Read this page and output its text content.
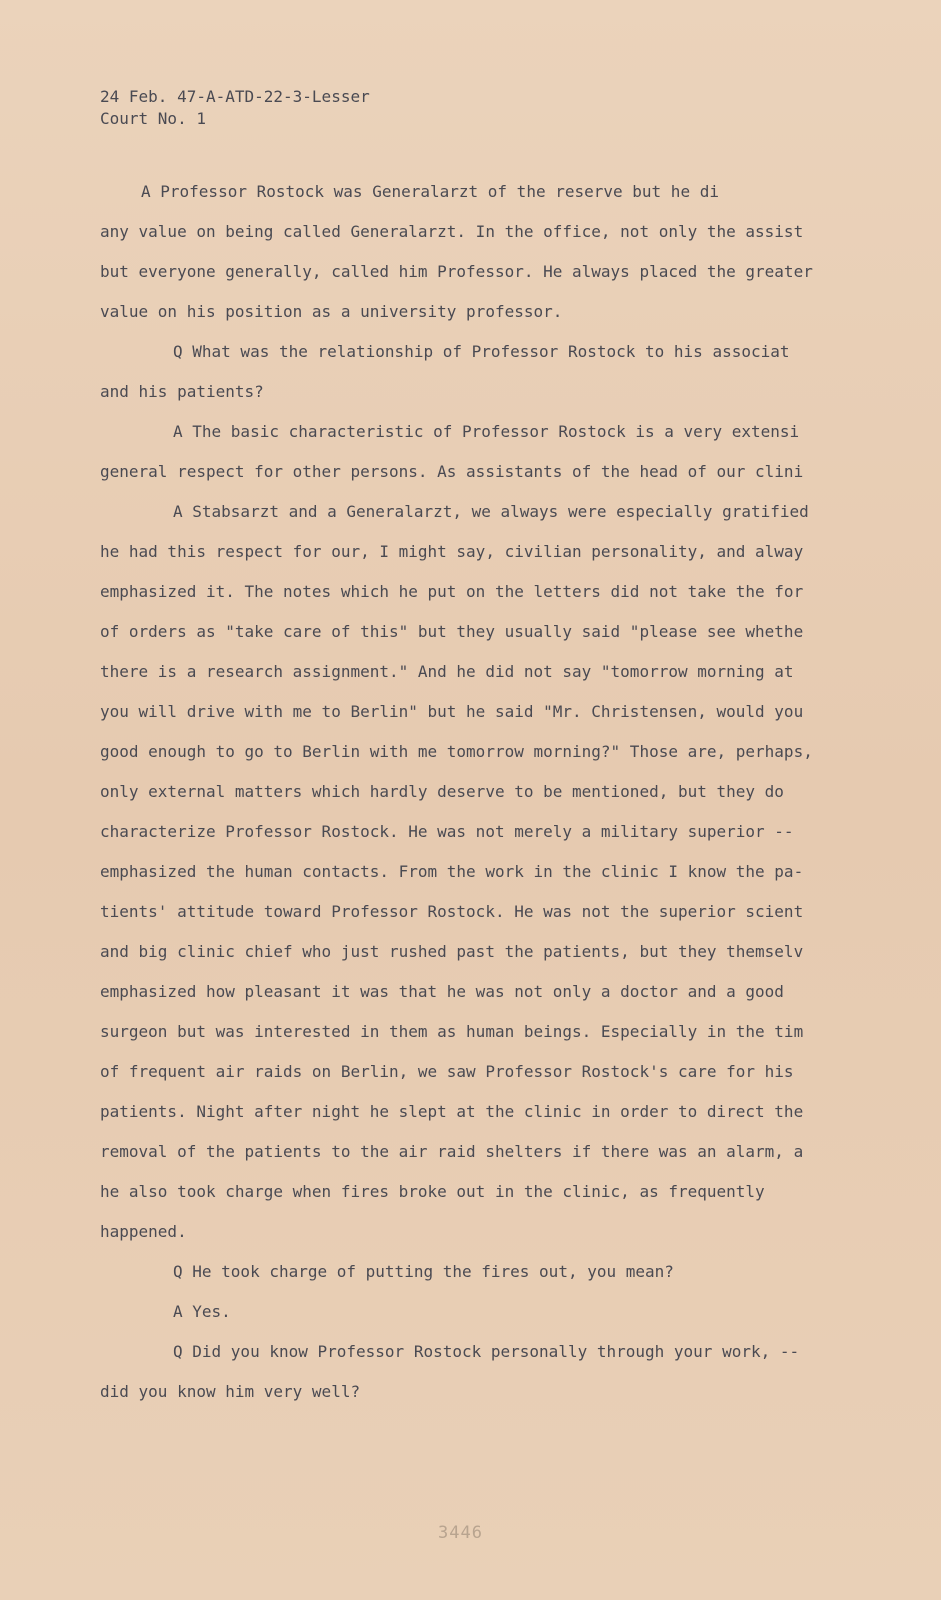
24 Feb. 47-A-ATD-22-3-Lesser
Court No. 1
A Professor Rostock was Generalarzt of the reserve but he di
any value on being called Generalarzt. In the office, not only the assist
but everyone generally, called him Professor. He always placed the greater
value on his position as a university professor.
Q What was the relationship of Professor Rostock to his associat
and his patients?
A The basic characteristic of Professor Rostock is a very extensi
general respect for other persons. As assistants of the head of our clini
A Stabsarzt and a Generalarzt, we always were especially gratified
he had this respect for our, I might say, civilian personality, and alway
emphasized it. The notes which he put on the letters did not take the for
of orders as "take care of this" but they usually said "please see whethe
there is a research assignment." And he did not say "tomorrow morning at
you will drive with me to Berlin" but he said "Mr. Christensen, would you
good enough to go to Berlin with me tomorrow morning?" Those are, perhaps,
only external matters which hardly deserve to be mentioned, but they do
characterize Professor Rostock. He was not merely a military superior --
emphasized the human contacts. From the work in the clinic I know the pa-
tients' attitude toward Professor Rostock. He was not the superior scient
and big clinic chief who just rushed past the patients, but they themselv
emphasized how pleasant it was that he was not only a doctor and a good
surgeon but was interested in them as human beings. Especially in the tim
of frequent air raids on Berlin, we saw Professor Rostock's care for his
patients. Night after night he slept at the clinic in order to direct the
removal of the patients to the air raid shelters if there was an alarm, a
he also took charge when fires broke out in the clinic, as frequently
happened.
Q He took charge of putting the fires out, you mean?
A Yes.
Q Did you know Professor Rostock personally through your work, --
did you know him very well?
3446
